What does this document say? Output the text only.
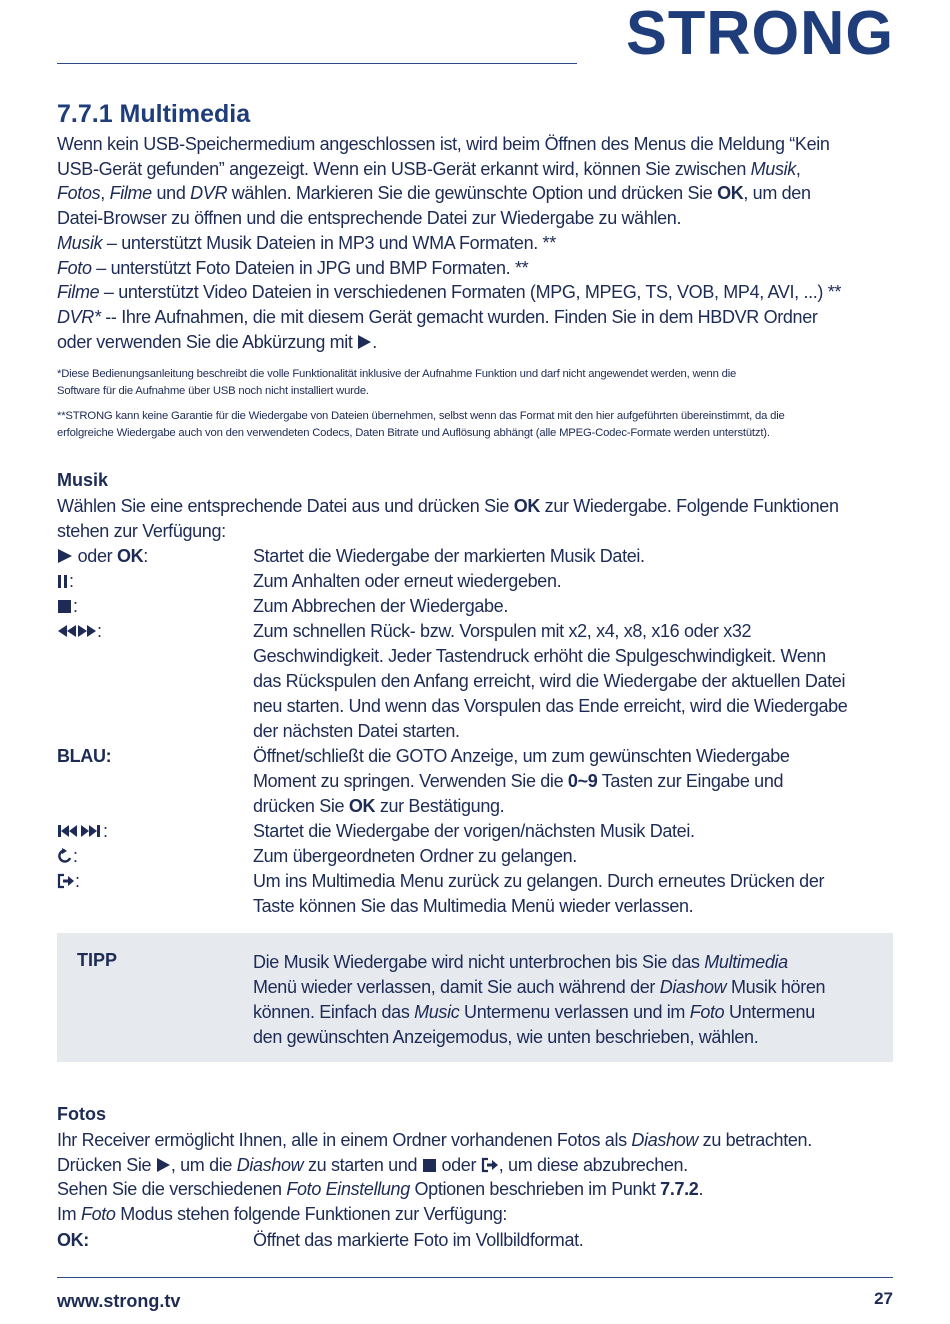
STRONG
7.7.1 Multimedia

Wenn kein USB-Speichermedium angeschlossen ist, wird beim Öffnen des Menus die Meldung “Kein

USB-Gerät gefunden” angezeigt. Wenn ein USB-Gerät erkannt wird, können Sie zwischen Musik,

Fotos, Filme und DVR wählen. Markieren Sie die gewünschte Option und drücken Sie OK, um den

Datei-Browser zu öffnen und die entsprechende Datei zur Wiedergabe zu wählen.

Musik – unterstützt Musik Dateien in MP3 und WMA Formaten. **

Foto – unterstützt Foto Dateien in JPG und BMP Formaten. **

Filme – unterstützt Video Dateien in verschiedenen Formaten (MPG, MPEG, TS, VOB, MP4, AVI, ...) **

DVR* -- Ihre Aufnahmen, die mit diesem Gerät gemacht wurden. Finden Sie in dem HBDVR Ordner

oder verwenden Sie die Abkürzung mit .

*Diese Bedienungsanleitung beschreibt die volle Funktionalität inklusive der Aufnahme Funktion und darf nicht angewendet werden, wenn die

Software für die Aufnahme über USB noch nicht installiert wurde.

**STRONG kann keine Garantie für die Wiedergabe von Dateien übernehmen, selbst wenn das Format mit den hier aufgeführten übereinstimmt, da die

erfolgreiche Wiedergabe auch von den verwendeten Codecs, Daten Bitrate und Auflösung abhängt (alle MPEG-Codec-Formate werden unterstützt).

Musik

Wählen Sie eine entsprechende Datei aus und drücken Sie OK zur Wiedergabe. Folgende Funktionen

stehen zur Verfügung:

oder OK:	Startet die Wiedergabe der markierten Musik Datei.
:	Zum Anhalten oder erneut wiedergeben.
:	Zum Abbrechen der Wiedergabe.
:	Zum schnellen Rück- bzw. Vorspulen mit x2, x4, x8, x16 oder x32
Geschwindigkeit. Jeder Tastendruck erhöht die Spulgeschwindigkeit. Wenn
das Rückspulen den Anfang erreicht, wird die Wiedergabe der aktuellen Datei
neu starten. Und wenn das Vorspulen das Ende erreicht, wird die Wiedergabe
der nächsten Datei starten.
BLAU:	Öffnet/schließt die GOTO Anzeige, um zum gewünschten Wiedergabe
Moment zu springen. Verwenden Sie die 0~9 Tasten zur Eingabe und
drücken Sie OK zur Bestätigung.
:	Startet die Wiedergabe der vorigen/nächsten Musik Datei.
:	Zum übergeordneten Ordner zu gelangen.
:	Um ins Multimedia Menu zurück zu gelangen. Durch erneutes Drücken der
Taste können Sie das Multimedia Menü wieder verlassen.
TIPP	Die Musik Wiedergabe wird nicht unterbrochen bis Sie das Multimedia
Menü wieder verlassen, damit Sie auch während der Diashow Musik hören
können. Einfach das Music Untermenu verlassen und im Foto Untermenu
den gewünschten Anzeigemodus, wie unten beschrieben, wählen.
Fotos

Ihr Receiver ermöglicht Ihnen, alle in einem Ordner vorhandenen Fotos als Diashow zu betrachten.

Drücken Sie , um die Diashow zu starten und  oder , um diese abzubrechen.

Sehen Sie die verschiedenen Foto Einstellung Optionen beschrieben im Punkt 7.7.2.

Im Foto Modus stehen folgende Funktionen zur Verfügung:

OK:	Öffnet das markierte Foto im Vollbildformat.
www.strong.tv	27
